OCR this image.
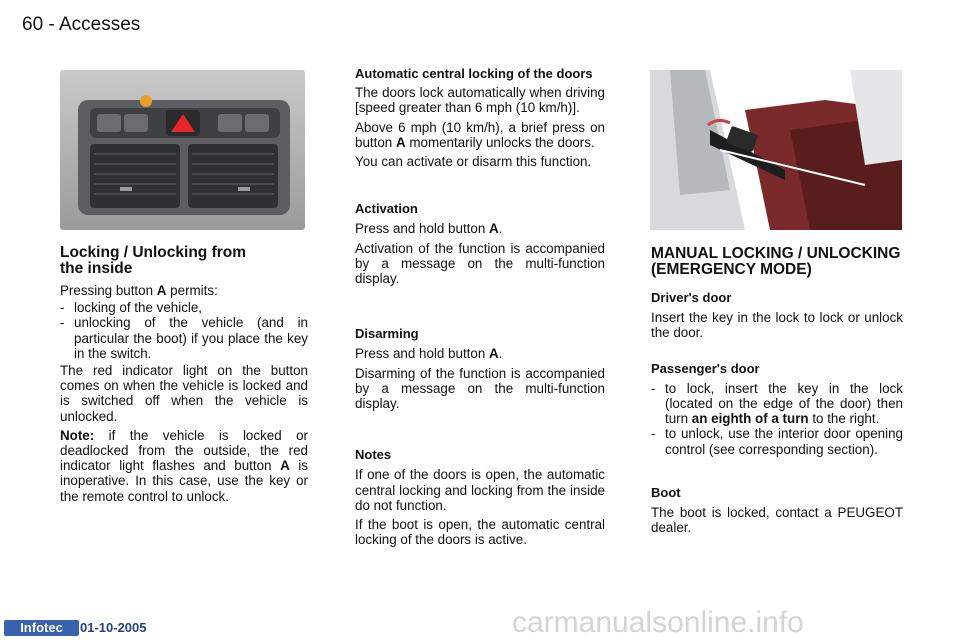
60 - Accesses
Locking / Unlocking from
the inside

Pressing button A permits:

- locking of the vehicle,
- unlocking of the vehicle (and in particular the boot) if you place the key in the switch.

The red indicator light on the button comes on when the vehicle is locked and is switched off when the vehicle is unlocked.

Note: if the vehicle is locked or deadlocked from the outside, the red indicator light flashes and button A is inoperative. In this case, use the key or the remote control to unlock.

Automatic central locking of the doors

The doors lock automatically when driving [speed greater than 6 mph (10 km/h)].

Above 6 mph (10 km/h), a brief press on button A momentarily unlocks the doors.

You can activate or disarm this function.

Activation

Press and hold button A.

Activation of the function is accompanied by a message on the multi-function display.

Disarming

Press and hold button A.

Disarming of the function is accompanied by a message on the multi-function display.

Notes

If one of the doors is open, the automatic central locking and locking from the inside do not function.

If the boot is open, the automatic central locking of the doors is active.

MANUAL LOCKING / UNLOCKING (EMERGENCY MODE)
Driver's door

Insert the key in the lock to lock or unlock the door.

Passenger's door
- to lock, insert the key in the lock (located on the edge of the door) then turn an eighth of a turn to the right.
- to unlock, use the interior door opening control (see corresponding section).
Boot

The boot is locked, contact a PEUGEOT dealer.

Infotec	01-10-2005	carmanualsonline.info
